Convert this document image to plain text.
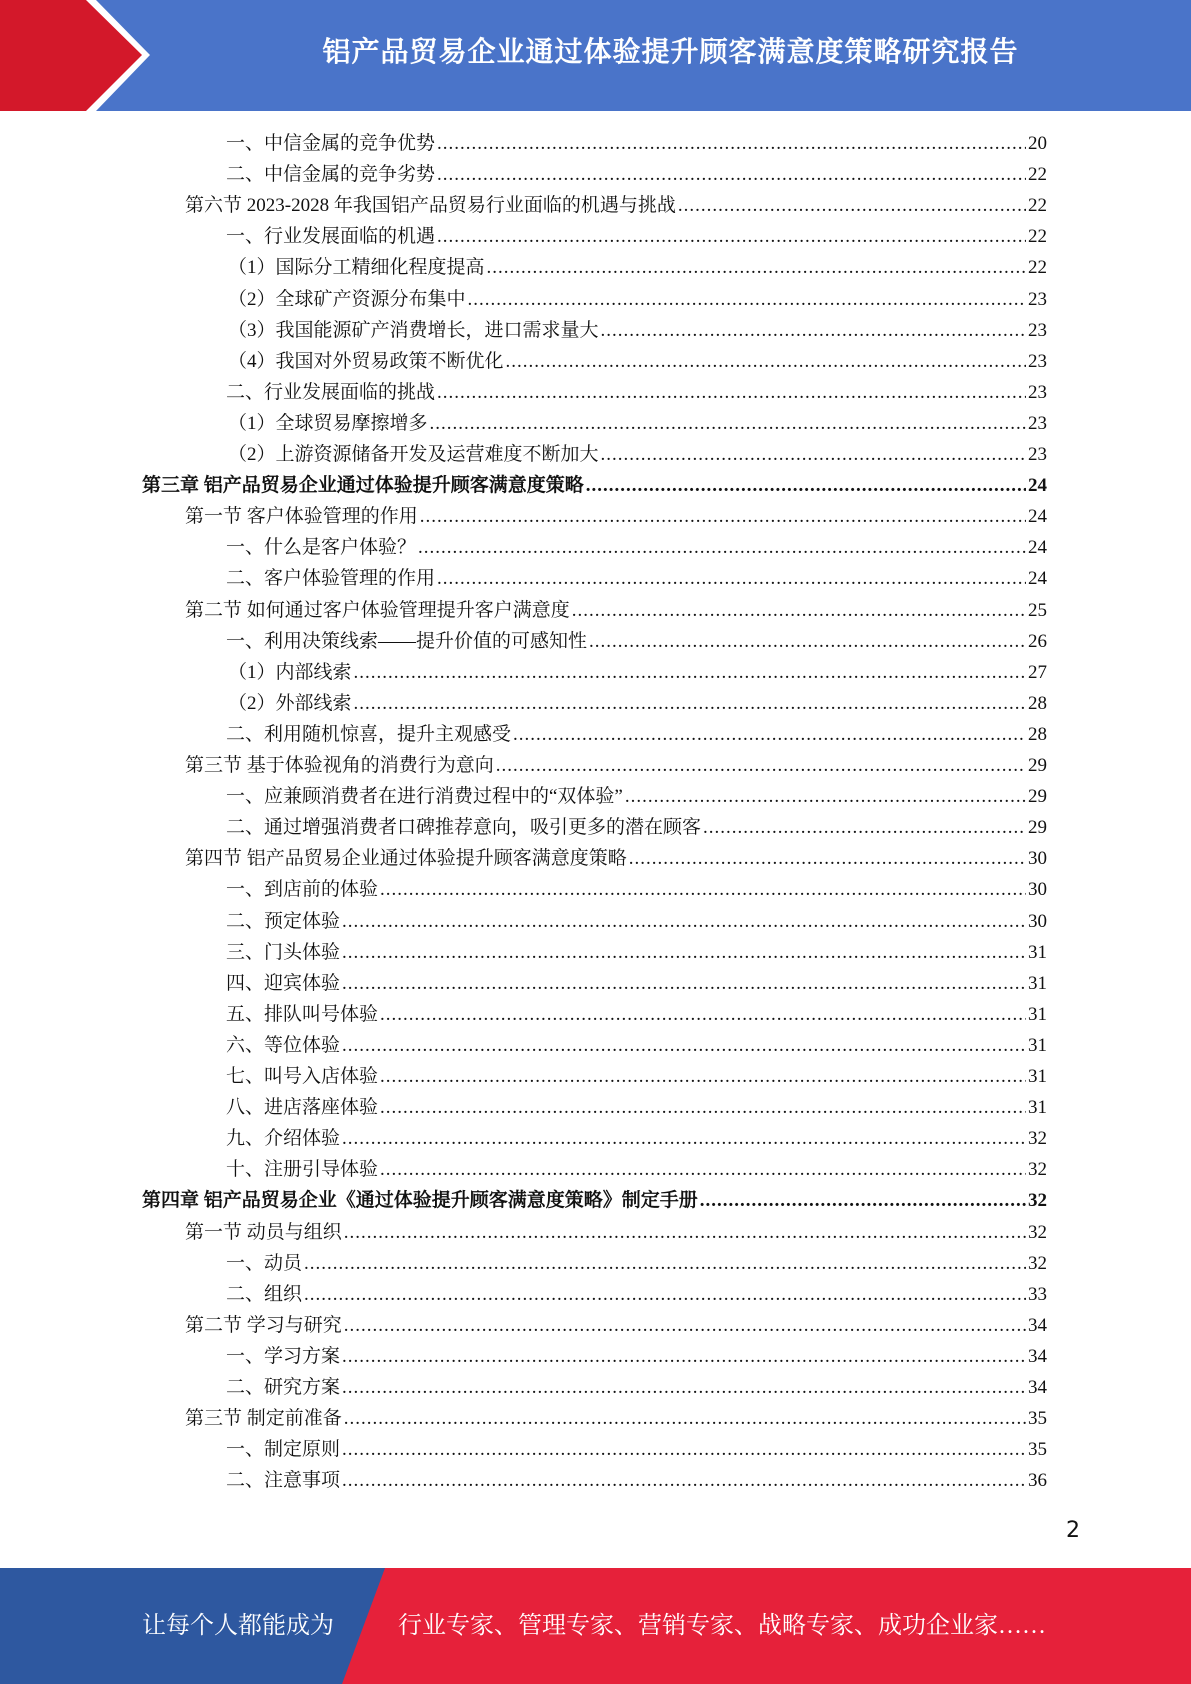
铝产品贸易企业通过体验提升顾客满意度策略研究报告
一、中信金属的竞争优势 .....	20
二、中信金属的竞争劣势 .....	22
第六节 2023-2028 年我国铝产品贸易行业面临的机遇与挑战 .....	22
一、行业发展面临的机遇 .....	22
（1）国际分工精细化程度提高 .....	22
（2）全球矿产资源分布集中 .....	23
（3）我国能源矿产消费增长，进口需求量大 .....	23
（4）我国对外贸易政策不断优化 .....	23
二、行业发展面临的挑战 .....	23
（1）全球贸易摩擦增多 .....	23
（2）上游资源储备开发及运营难度不断加大 .....	23
第三章 铝产品贸易企业通过体验提升顾客满意度策略 .....	24
第一节 客户体验管理的作用 .....	24
一、什么是客户体验？ .....	24
二、客户体验管理的作用 .....	24
第二节 如何通过客户体验管理提升客户满意度 .....	25
一、利用决策线索——提升价值的可感知性 .....	26
（1）内部线索 .....	27
（2）外部线索 .....	28
二、利用随机惊喜，提升主观感受 .....	28
第三节 基于体验视角的消费行为意向 .....	29
一、应兼顾消费者在进行消费过程中的“双体验” .....	29
二、通过增强消费者口碑推荐意向，吸引更多的潜在顾客 .....	29
第四节 铝产品贸易企业通过体验提升顾客满意度策略 .....	30
一、到店前的体验 .....	30
二、预定体验 .....	30
三、门头体验 .....	31
四、迎宾体验 .....	31
五、排队叫号体验 .....	31
六、等位体验 .....	31
七、叫号入店体验 .....	31
八、进店落座体验 .....	31
九、介绍体验 .....	32
十、注册引导体验 .....	32
第四章 铝产品贸易企业《通过体验提升顾客满意度策略》制定手册 .....	32
第一节 动员与组织 .....	32
一、动员 .....	32
二、组织 .....	33
第二节 学习与研究 .....	34
一、学习方案 .....	34
二、研究方案 .....	34
第三节 制定前准备 .....	35
一、制定原则 .....	35
二、注意事项 .....	36
2
让每个人都能成为	行业专家、管理专家、营销专家、战略专家、成功企业家……
